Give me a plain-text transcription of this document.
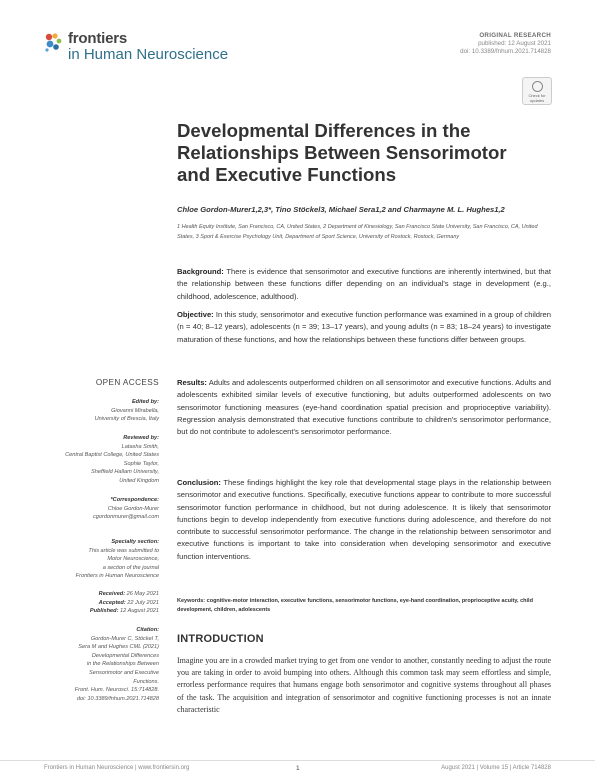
frontiers
in Human Neuroscience
ORIGINAL RESEARCH
published: 12 August 2021
doi: 10.3389/fnhum.2021.714828
Check for
updates
Developmental Differences in the Relationships Between Sensorimotor and Executive Functions
Chloe Gordon-Murer1,2,3*, Tino Stöckel3, Michael Sera1,2 and Charmayne M. L. Hughes1,2
1 Health Equity Institute, San Francisco, CA, United States, 2 Department of Kinesiology, San Francisco State University, San Francisco, CA, United States, 3 Sport & Exercise Psychology Unit, Department of Sport Science, University of Rostock, Rostock, Germany
Background: There is evidence that sensorimotor and executive functions are inherently intertwined, but that the relationship between these functions differ depending on an individual's stage in development (e.g., childhood, adolescence, adulthood).
Objective: In this study, sensorimotor and executive function performance was examined in a group of children (n = 40; 8–12 years), adolescents (n = 39; 13–17 years), and young adults (n = 83; 18–24 years) to investigate maturation of these functions, and how the relationships between these functions differ between groups.
Results: Adults and adolescents outperformed children on all sensorimotor and executive functions. Adults and adolescents exhibited similar levels of executive functioning, but adults outperformed adolescents on two sensorimotor functioning measures (eye-hand coordination spatial precision and proprioceptive variability). Regression analysis demonstrated that executive functions contribute to children's sensorimotor performance, but do not contribute to adolescent's sensorimotor performance.
Conclusion: These findings highlight the key role that developmental stage plays in the relationship between sensorimotor and executive functions. Specifically, executive functions appear to contribute to more successful sensorimotor function performance in childhood, but not during adolescence. It is likely that sensorimotor functions begin to develop independently from executive functions during adolescence, and therefore do not contribute to successful sensorimotor performance. The change in the relationship between sensorimotor and executive functions is important to take into consideration when developing sensorimotor and executive function interventions.
Keywords: cognitive-motor interaction, executive functions, sensorimotor functions, eye-hand coordination, proprioceptive acuity, child development, children, adolescents
OPEN ACCESS
Edited by:
Giovanni Mirabella,
University of Brescia, Italy
Reviewed by:
Latasha Smith,
Central Baptist College, United States
Sophie Taylor,
Sheffield Hallam University,
United Kingdom
*Correspondence:
Chloe Gordon-Murer
cgordonmurer@gmail.com
Specialty section:
This article was submitted to
Motor Neuroscience,
a section of the journal
Frontiers in Human Neuroscience
Received: 26 May 2021
Accepted: 22 July 2021
Published: 12 August 2021
Citation:
Gordon-Murer C, Stöckel T,
Sera M and Hughes CML (2021)
Developmental Differences
in the Relationships Between
Sensorimotor and Executive
Functions.
Front. Hum. Neurosci. 15:714828.
doi: 10.3389/fnhum.2021.714828
INTRODUCTION
Imagine you are in a crowded market trying to get from one vendor to another, constantly needing to adjust the route you are taking in order to avoid bumping into others. Although this common task may seem effortless and simple, errorless performance requires that humans engage both sensorimotor and cognitive systems throughout all phases of the task. The acquisition and integration of sensorimotor and cognitive functioning processes is not an innate characteristic
Frontiers in Human Neuroscience | www.frontiersin.org	1	August 2021 | Volume 15 | Article 714828
